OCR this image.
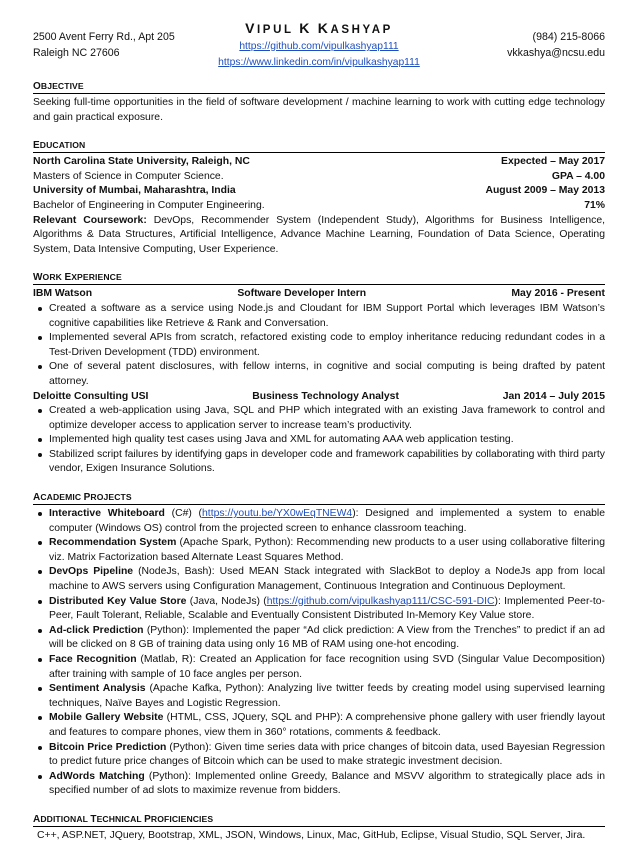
2500 Avent Ferry Rd., Apt 205
Raleigh NC 27606
VIPUL K KASHYAP
https://github.com/vipulkashyap111
https://www.linkedin.com/in/vipulkashyap111
(984) 215-8066
vkkashya@ncsu.edu
OBJECTIVE
Seeking full-time opportunities in the field of software development / machine learning to work with cutting edge technology and gain practical exposure.
EDUCATION
North Carolina State University, Raleigh, NC	Expected – May 2017
Masters of Science in Computer Science.	GPA – 4.00
University of Mumbai, Maharashtra, India	August 2009 – May 2013
Bachelor of Engineering in Computer Engineering.	71%
Relevant Coursework: DevOps, Recommender System (Independent Study), Algorithms for Business Intelligence, Algorithms & Data Structures, Artificial Intelligence, Advance Machine Learning, Foundation of Data Science, Operating System, Data Intensive Computing, User Experience.
WORK EXPERIENCE
IBM Watson	Software Developer Intern	May 2016 - Present
Created a software as a service using Node.js and Cloudant for IBM Support Portal which leverages IBM Watson’s cognitive capabilities like Retrieve & Rank and Conversation.
Implemented several APIs from scratch, refactored existing code to employ inheritance reducing redundant codes in a Test-Driven Development (TDD) environment.
One of several patent disclosures, with fellow interns, in cognitive and social computing is being drafted by patent attorney.
Deloitte Consulting USI	Business Technology Analyst	Jan 2014 – July 2015
Created a web-application using Java, SQL and PHP which integrated with an existing Java framework to control and optimize developer access to application server to increase team’s productivity.
Implemented high quality test cases using Java and XML for automating AAA web application testing.
Stabilized script failures by identifying gaps in developer code and framework capabilities by collaborating with third party vendor, Exigen Insurance Solutions.
ACADEMIC PROJECTS
Interactive Whiteboard (C#) (https://youtu.be/YX0wEqTNEW4): Designed and implemented a system to enable computer (Windows OS) control from the projected screen to enhance classroom teaching.
Recommendation System (Apache Spark, Python): Recommending new products to a user using collaborative filtering viz. Matrix Factorization based Alternate Least Squares Method.
DevOps Pipeline (NodeJs, Bash): Used MEAN Stack integrated with SlackBot to deploy a NodeJs app from local machine to AWS servers using Configuration Management, Continuous Integration and Continuous Deployment.
Distributed Key Value Store (Java, NodeJs) (https://github.com/vipulkashyap111/CSC-591-DIC): Implemented Peer-to-Peer, Fault Tolerant, Reliable, Scalable and Eventually Consistent Distributed In-Memory Key Value store.
Ad-click Prediction (Python): Implemented the paper “Ad click prediction: A View from the Trenches” to predict if an ad will be clicked on 8 GB of training data using only 16 MB of RAM using one-hot encoding.
Face Recognition (Matlab, R): Created an Application for face recognition using SVD (Singular Value Decomposition) after training with sample of 10 face angles per person.
Sentiment Analysis (Apache Kafka, Python): Analyzing live twitter feeds by creating model using supervised learning techniques, Naïve Bayes and Logistic Regression.
Mobile Gallery Website (HTML, CSS, JQuery, SQL and PHP): A comprehensive phone gallery with user friendly layout and features to compare phones, view them in 360° rotations, comments & feedback.
Bitcoin Price Prediction (Python): Given time series data with price changes of bitcoin data, used Bayesian Regression to predict future price changes of Bitcoin which can be used to make strategic investment decision.
AdWords Matching (Python): Implemented online Greedy, Balance and MSVV algorithm to strategically place ads in specified number of ad slots to maximize revenue from bidders.
ADDITIONAL TECHNICAL PROFICIENCIES
C++, ASP.NET, JQuery, Bootstrap, XML, JSON, Windows, Linux, Mac, GitHub, Eclipse, Visual Studio, SQL Server, Jira.
